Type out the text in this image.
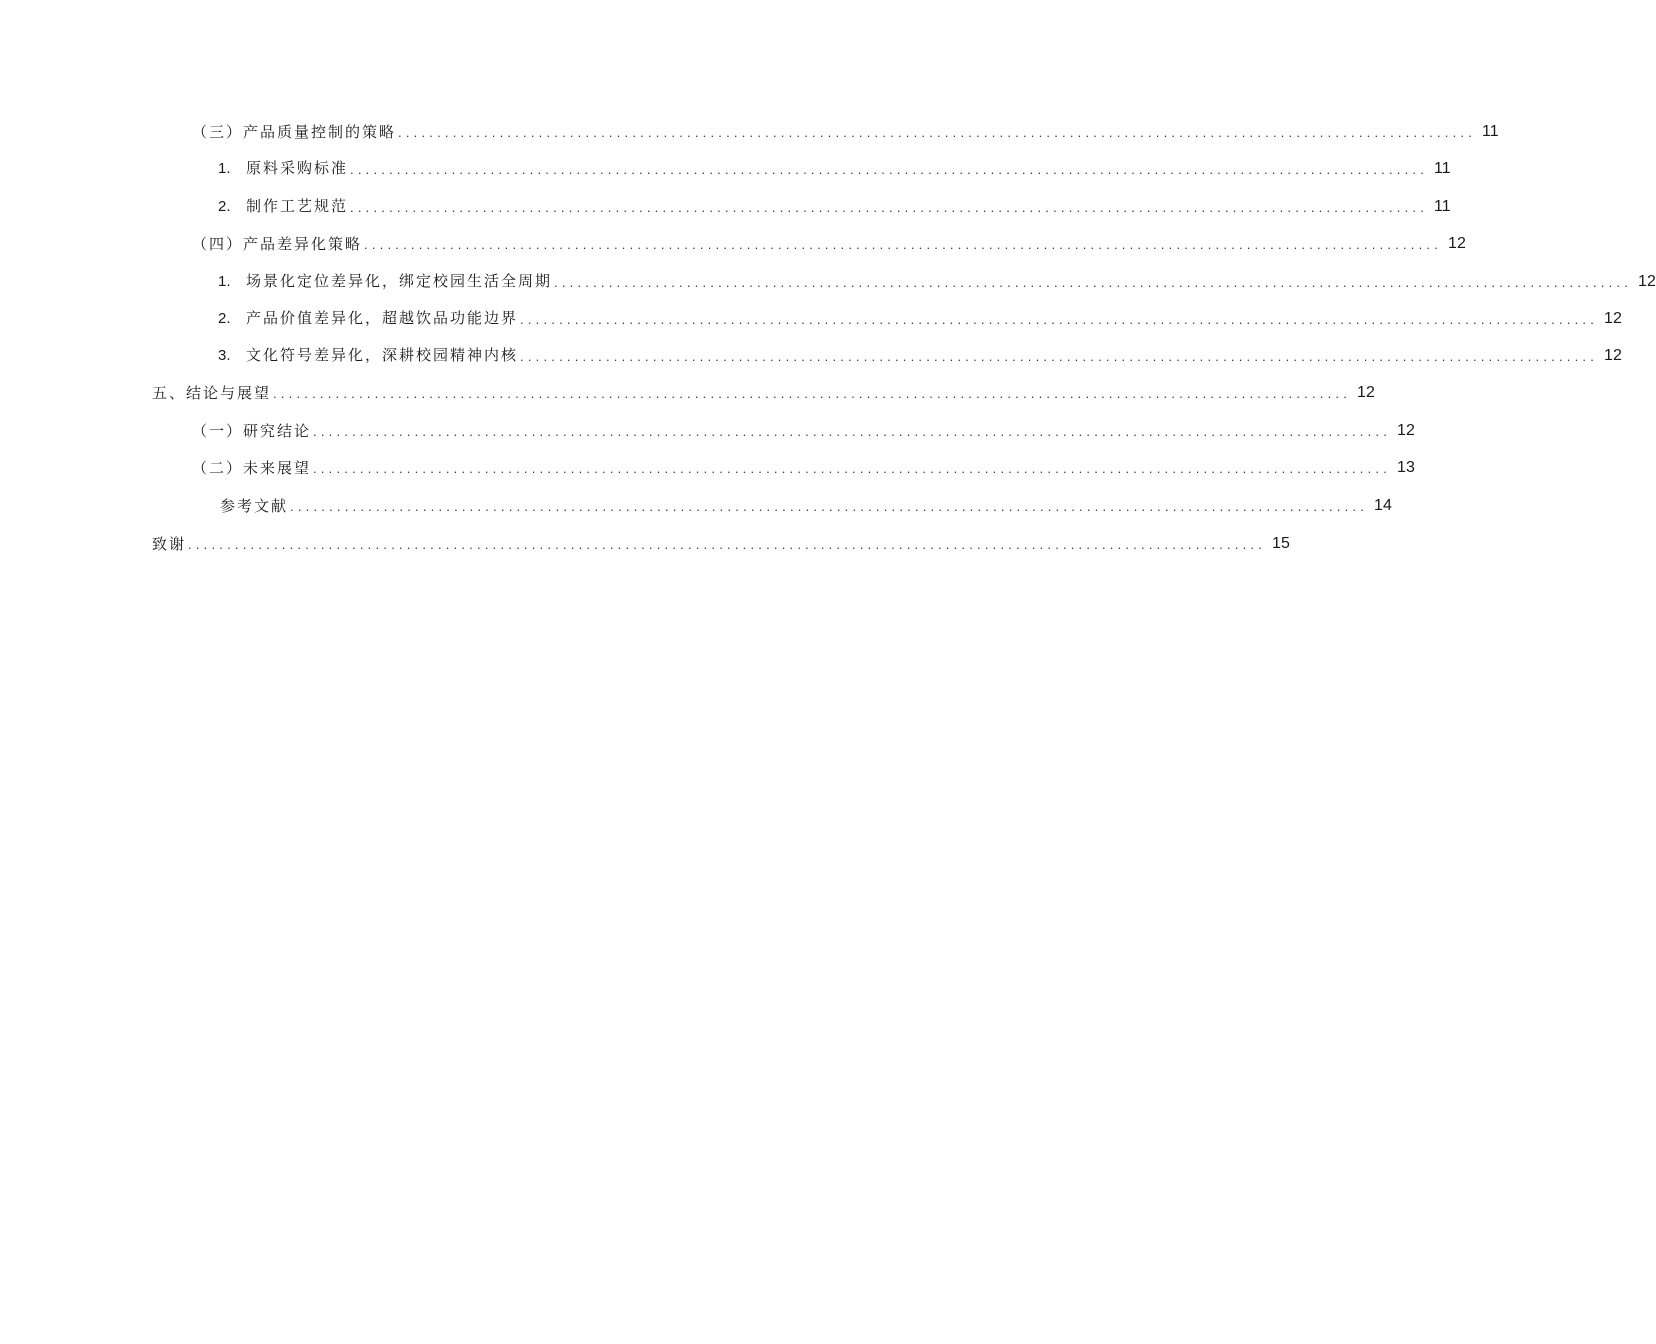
（三）产品质量控制的策略 .......................................................................................................................................... 11
1. 原料采购标准 .......................................................................................................................................... 11
2. 制作工艺规范 .......................................................................................................................................... 11
（四）产品差异化策略 .......................................................................................................................................... 12
1. 场景化定位差异化，绑定校园生活全周期 .......................................................................................................................................... 12
2. 产品价值差异化，超越饮品功能边界 .......................................................................................................................................... 12
3. 文化符号差异化，深耕校园精神内核 .......................................................................................................................................... 12
五、结论与展望 .......................................................................................................................................... 12
（一）研究结论 .......................................................................................................................................... 12
（二）未来展望 .......................................................................................................................................... 13
参考文献 .......................................................................................................................................... 14
致谢 .......................................................................................................................................... 15
